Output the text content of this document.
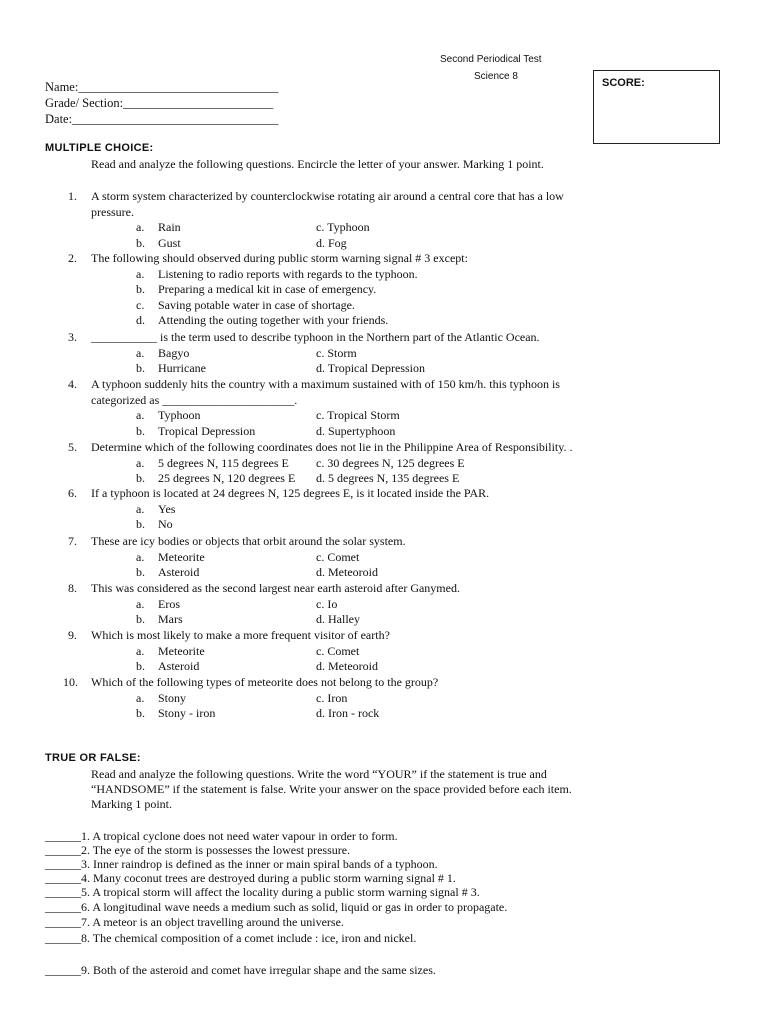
Second Periodical Test
Science 8
SCORE:
Name:________________________________
Grade/ Section:________________________
Date:_________________________________
MULTIPLE CHOICE:
Read and analyze the following questions. Encircle the letter of your answer. Marking 1 point.
1. A storm system characterized by counterclockwise rotating air around a central core that has a low
pressure.
a. Rain	c. Typhoon
b. Gust	d. Fog
2. The following should observed during public storm warning signal # 3 except:
a. Listening to radio reports with regards to the typhoon.
b. Preparing a medical kit in case of emergency.
c. Saving potable water in case of shortage.
d. Attending the outing together with your friends.
3. ___________ is the term used to describe typhoon in the Northern part of the Atlantic Ocean.
a. Bagyo	c. Storm
b. Hurricane	d. Tropical Depression
4. A typhoon suddenly hits the country with a maximum sustained with of 150 km/h. this typhoon is
categorized as ______________________.
a. Typhoon	c. Tropical Storm
b. Tropical Depression	d. Supertyphoon
5. Determine which of the following coordinates does not lie in the Philippine Area of Responsibility. .
a. 5 degrees N, 115 degrees E c. 30 degrees N, 125 degrees E
b. 25 degrees N, 120 degrees E d. 5 degrees N, 135 degrees E
6. If a typhoon is located at 24 degrees N, 125 degrees E, is it located inside the PAR.
a. Yes
b. No
7. These are icy bodies or objects that orbit around the solar system.
a. Meteorite	c. Comet
b. Asteroid	d. Meteoroid
8. This was considered as the second largest near earth asteroid after Ganymed.
a. Eros	c. Io
b. Mars	d. Halley
9. Which is most likely to make a more frequent visitor of earth?
a. Meteorite	c. Comet
b. Asteroid	d. Meteoroid
10. Which of the following types of meteorite does not belong to the group?
a. Stony	c. Iron
b. Stony - iron	d. Iron - rock
TRUE OR FALSE:
Read and analyze the following questions. Write the word “YOUR” if the statement is true and
“HANDSOME” if the statement is false. Write your answer on the space provided before each item.
Marking 1 point.
______1. A tropical cyclone does not need water vapour in order to form.
______2. The eye of the storm is possesses the lowest pressure.
______3. Inner raindrop is defined as the inner or main spiral bands of a typhoon.
______4. Many coconut trees are destroyed during a public storm warning signal # 1.
______5. A tropical storm will affect the locality during a public storm warning signal # 3.
______6. A longitudinal wave needs a medium such as solid, liquid or gas in order to propagate.
______7. A meteor is an object travelling around the universe.
______8. The chemical composition of a comet include : ice, iron and nickel.
______9. Both of the asteroid and comet have irregular shape and the same sizes.
